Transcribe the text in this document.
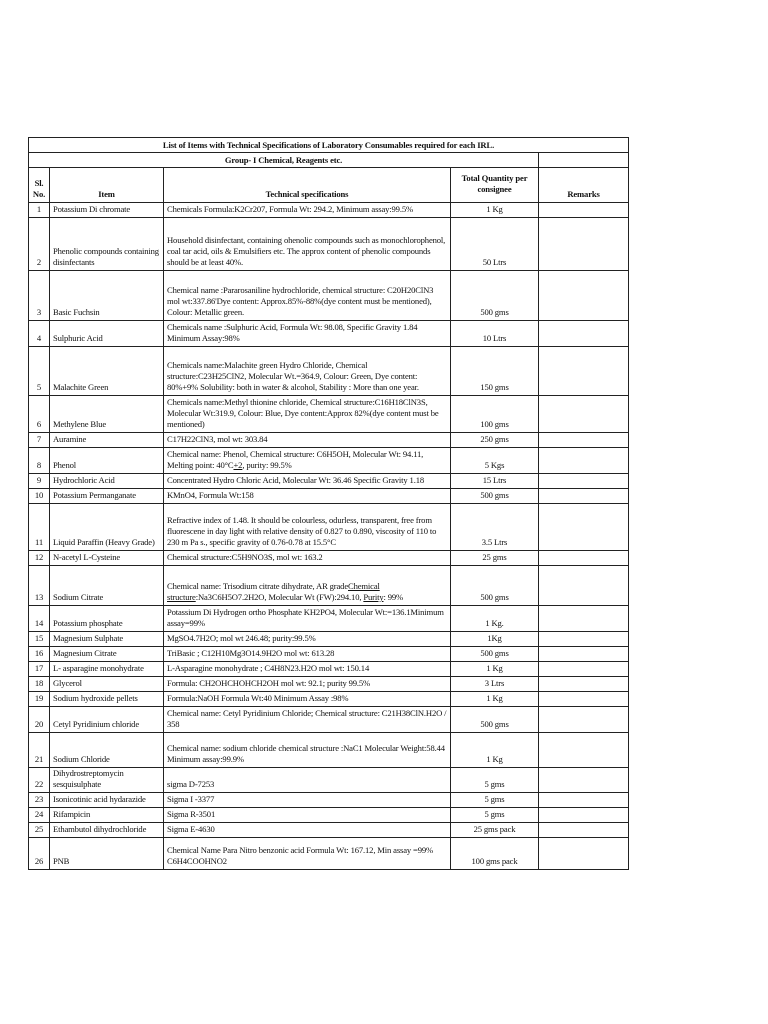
List of Items with Technical Specifications of Laboratory Consumables required for each IRL.				
Group- I Chemical, Reagents etc.				
Sl. No.	Item	Technical specifications	Total Quantity per consignee	Remarks
1	Potassium Di chromate	Chemicals Formula:K2Cr207, Formula Wt: 294.2, Minimum assay:99.5%	1 Kg	
2	Phenolic compounds containing disinfectants	Household disinfectant, containing ohenolic compounds such as monochlorophenol, coal tar acid, oils & Emulsifiers etc. The approx content of phenolic compounds should be at least 40%.	50 Ltrs	
3	Basic Fuchsin	Chemical name :Pararosaniline hydrochloride, chemical structure: C20H20ClN3 mol wt:337.86'Dye content: Approx.85%-88%(dye content must be mentioned), Colour: Metallic green.	500 gms	
4	Sulphuric Acid	Chemicals name :Sulphuric Acid, Formula Wt: 98.08, Specific Gravity 1.84 Minimum Assay:98%	10 Ltrs	
5	Malachite Green	Chemicals name:Malachite green Hydro Chloride, Chemical structure:C23H25ClN2, Molecular Wt.=364.9, Colour: Green, Dye content: 80%+9% Solubility: both in water & alcohol, Stability : More than one year.	150 gms	
6	Methylene Blue	Chemicals name:Methyl thionine chloride, Chemical structure:C16H18ClN3S, Molecular Wt:319.9, Colour: Blue, Dye content:Approx 82%(dye content must be mentioned)	100 gms	
7	Auramine	C17H22ClN3, mol wt: 303.84	250 gms	
8	Phenol	Chemical name: Phenol, Chemical structure: C6H5OH, Molecular Wt: 94.11, Melting point: 40°C+2, purity: 99.5%	5 Kgs	
9	Hydrochloric Acid	Concentrated Hydro Chloric Acid, Molecular Wt: 36.46 Specific Gravity 1.18	15 Ltrs	
10	Potassium Permanganate	KMnO4, Formula Wt:158	500 gms	
11	Liquid Paraffin (Heavy Grade)	Refractive index of 1.48. It should be colourless, odurless, transparent, free from fluorescene in day light with relative density of 0.827 to 0.890, viscosity of 110 to 230 m Pa s., specific gravity of 0.76-0.78 at 15.5°C	3.5 Ltrs	
12	N-acetyl L-Cysteine	Chemical structure:C5H9NO3S, mol wt: 163.2	25 gms	
13	Sodium Citrate	Chemical name: Trisodium citrate dihydrate, AR gradeChemical structure:Na3C6H5O7.2H2O, Molecular Wt (FW):294.10, Purity: 99%	500 gms	
14	Potassium phosphate	Potassium Di Hydrogen ortho Phosphate KH2PO4, Molecular Wt:=136.1Minimum assay=99%	1 Kg.	
15	Magnesium Sulphate	MgSO4.7H2O; mol wt 246.48; purity:99.5%	1Kg	
16	Magnesium Citrate	TriBasic ; C12H10Mg3O14.9H2O mol wt: 613.28	500 gms	
17	L- asparagine monohydrate	L-Asparagine monohydrate ; C4H8N23.H2O mol wt: 150.14	1 Kg	
18	Glycerol	Formula: CH2OHCHOHCH2OH mol wt: 92.1; purity 99.5%	3 Ltrs	
19	Sodium hydroxide pellets	Formula:NaOH Formula Wt:40 Minimum Assay :98%	1 Kg	
20	Cetyl Pyridinium chloride	Chemical name: Cetyl Pyridinium Chloride; Chemical structure: C21H38ClN.H2O / 358	500 gms	
21	Sodium Chloride	Chemical name: sodium chloride chemical structure :NaC1 Molecular Weight:58.44 Minimum assay:99.9%	1 Kg	
22	Dihydrostreptomycin sesquisulphate	sigma D-7253	5 gms	
23	Isonicotinic acid hydarazide	Sigma I -3377	5 gms	
24	Rifampicin	Sigma R-3501	5 gms	
25	Ethambutol dihydrochloride	Sigma E-4630	25 gms pack	
26	PNB	Chemical Name Para Nitro benzonic acid Formula Wt: 167.12, Min assay =99% C6H4COOHNO2	100 gms pack	
